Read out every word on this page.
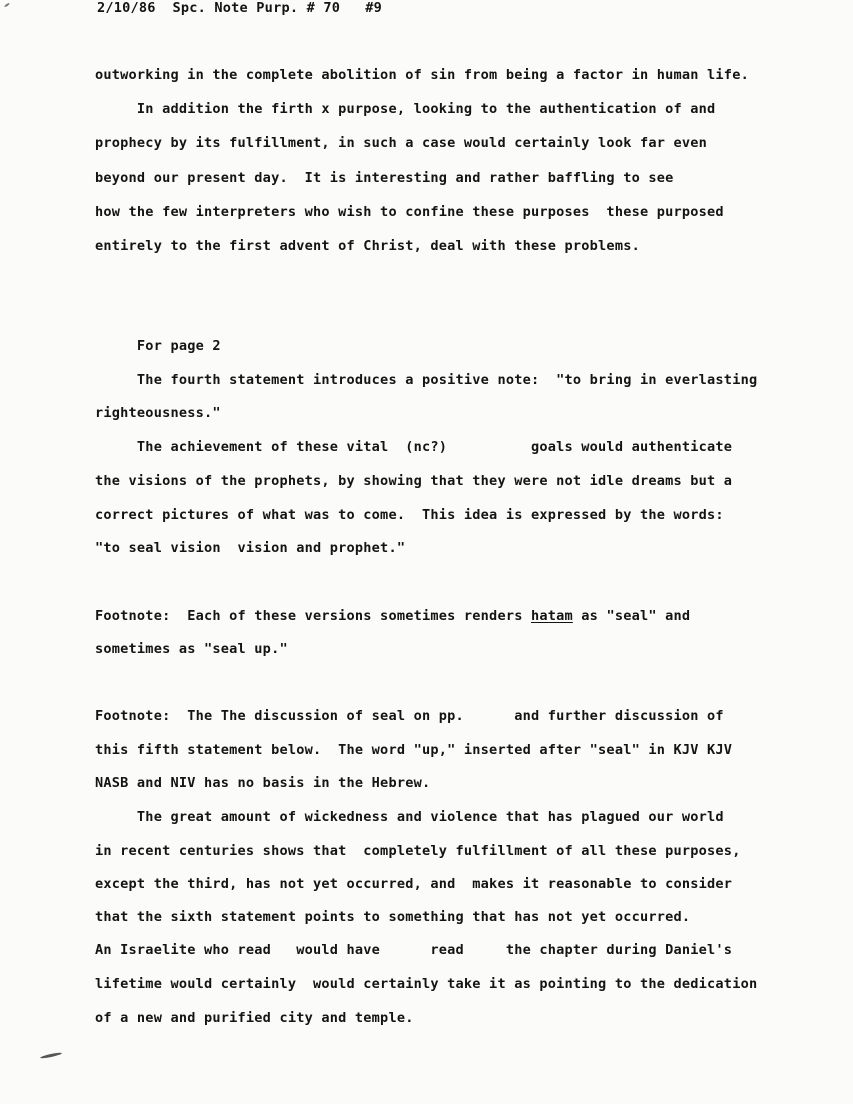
2/10/86  Spc. Note Purp. # 70   #9

outworking in the complete abolition of sin from being a factor in human life.

In addition the firth x purpose, looking to the authentication of and

prophecy by its fulfillment, in such a case would certainly look far even

beyond our present day.  It is interesting and rather baffling to see

how the few interpreters who wish to confine these purposes  these purposed

entirely to the first advent of Christ, deal with these problems.

For page 2

The fourth statement introduces a positive note:  "to bring in everlasting

righteousness."

The achievement of these vital  (nc?)          goals would authenticate

the visions of the prophets, by showing that they were not idle dreams but a

correct pictures of what was to come.  This idea is expressed by the words:

"to seal vision  vision and prophet."

Footnote:  Each of these versions sometimes renders hatam as "seal" and

sometimes as "seal up."

Footnote:  The The discussion of seal on pp.      and further discussion of

this fifth statement below.  The word "up," inserted after "seal" in KJV KJV

NASB and NIV has no basis in the Hebrew.

The great amount of wickedness and violence that has plagued our world

in recent centuries shows that  completely fulfillment of all these purposes,

except the third, has not yet occurred, and  makes it reasonable to consider

that the sixth statement points to something that has not yet occurred.

An Israelite who read   would have      read     the chapter during Daniel's

lifetime would certainly  would certainly take it as pointing to the dedication

of a new and purified city and temple.
